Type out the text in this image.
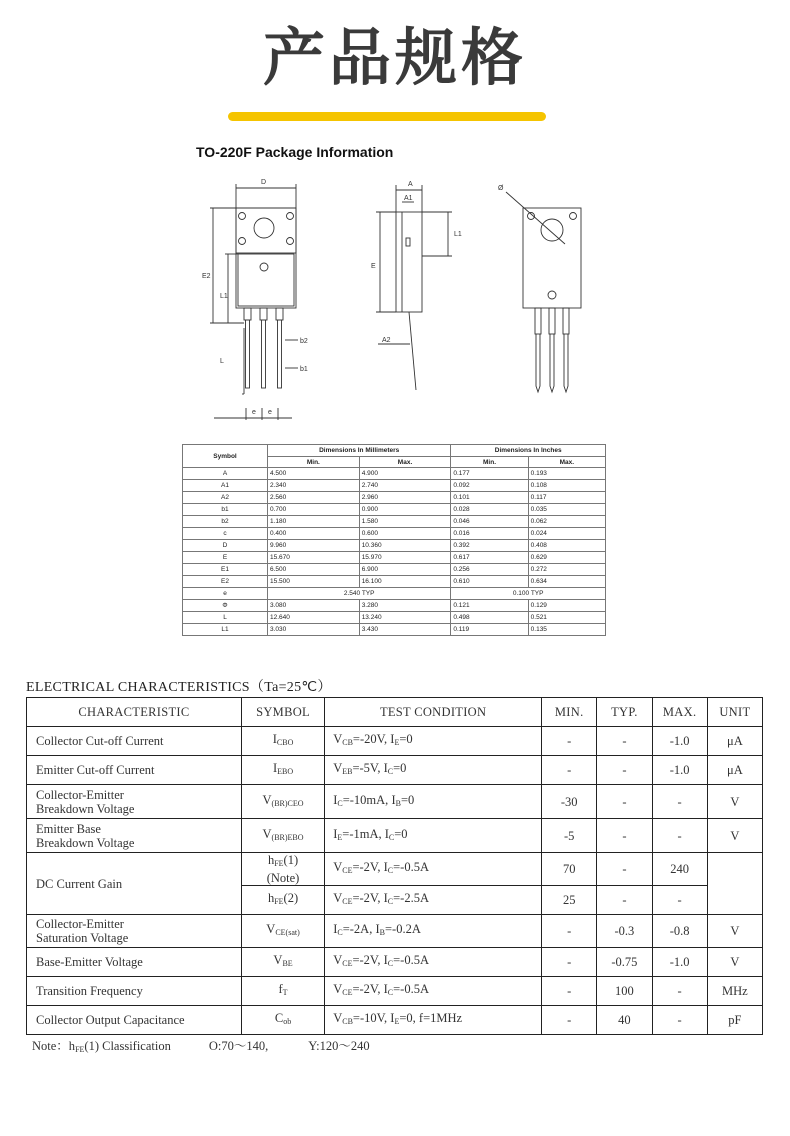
产品规格
TO-220F Package Information
D
E2
L1
L
b2
b1
e e
A
A1
E
L1
A2
Ø
Symbol	Dimensions In Millimeters		Dimensions In Inches	
	Min.	Max.	Min.	Max.
A	4.500	4.900	0.177	0.193
A1	2.340	2.740	0.092	0.108
A2	2.560	2.960	0.101	0.117
b1	0.700	0.900	0.028	0.035
b2	1.180	1.580	0.046	0.062
c	0.400	0.600	0.016	0.024
D	9.960	10.360	0.392	0.408
E	15.670	15.970	0.617	0.629
E1	6.500	6.900	0.256	0.272
E2	15.500	16.100	0.610	0.634
e	2.540 TYP		0.100 TYP	
Φ	3.080	3.280	0.121	0.129
L	12.640	13.240	0.498	0.521
L1	3.030	3.430	0.119	0.135
ELECTRICAL CHARACTERISTICS（Ta=25℃）
CHARACTERISTIC	SYMBOL	TEST CONDITION	MIN.	TYP.	MAX.	UNIT

Collector Cut-off Current	$I_{CBO}$	$V_{CB}=-20V$, $I_E=0$	-	-	-1.0	μA

Emitter Cut-off Current	$I_{EBO}$	$V_{EB}=-5V$, $I_C=0$	-	-	-1.0	μA

Collector-Emitter
Breakdown Voltage	$V_{(BR)CEO}$	$I_C=-10mA$, $I_B=0$	-30	-	-	V

Emitter Base
Breakdown Voltage	$V_{(BR)EBO}$	$I_E=-1mA$, $I_C=0$	-5	-	-	V

DC Current Gain	$h_{FE}(1)$
(Note)	$V_{CE}=-2V$, $I_C=-0.5A$	70	-	240	

	$h_{FE}(2)$	$V_{CE}=-2V$, $I_C=-2.5A$	25	-	-	

Collector-Emitter
Saturation Voltage	$V_{CE(sat)}$	$I_C=-2A$, $I_B=-0.2A$	-	-0.3	-0.8	V

Base-Emitter Voltage	$V_{BE}$	$V_{CE}=-2V$, $I_C=-0.5A$	-	-0.75	-1.0	V

Transition Frequency	$f_T$	$V_{CE}=-2V$, $I_C=-0.5A$	-	100	-	MHz

Collector Output Capacitance	$C_{ob}$	$V_{CB}=-10V$, $I_E=0$, f=1MHz	-	40	-	pF
Note：$h_{FE}(1)$ Classification	O:70～140,	Y:120～240
